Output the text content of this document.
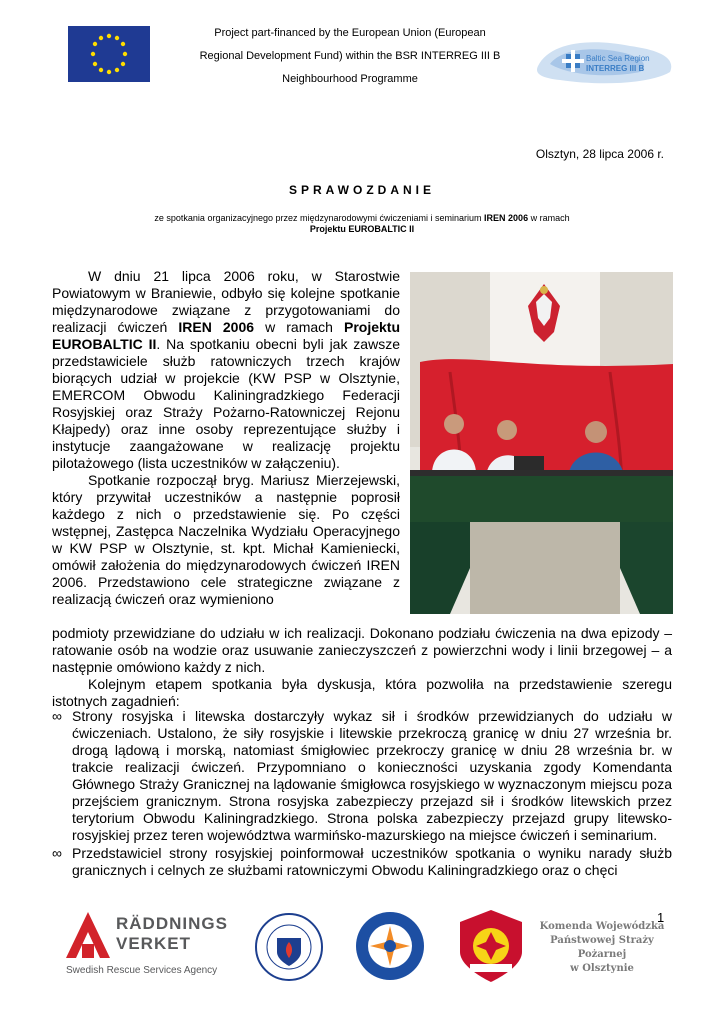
Project part-financed by the European Union (European
Regional Development Fund) within the BSR INTERREG III B
Neighbourhood Programme
Baltic Sea Region
INTERREG III B
Olsztyn, 28 lipca 2006 r.
SPRAWOZDANIE
ze spotkania organizacyjnego przez międzynarodowymi ćwiczeniami i seminarium IREN 2006 w ramach
Projektu EUROBALTIC II

W dniu 21 lipca 2006 roku, w Starostwie Powiatowym w Braniewie, odbyło się kolejne spotkanie międzynarodowe związane z przygotowaniami do realizacji ćwiczeń IREN 2006 w ramach Projektu EUROBALTIC II. Na spotkaniu obecni byli jak zawsze przedstawiciele służb ratowniczych trzech krajów biorących udział w projekcie (KW PSP w Olsztynie, EMERCOM Obwodu Kaliningradzkiego Federacji Rosyjskiej oraz Straży Pożarno-Ratowniczej Rejonu Kłajpedy) oraz inne osoby reprezentujące służby i instytucje zaangażowane w realizację projektu pilotażowego (lista uczestników w załączeniu).

Spotkanie rozpoczął bryg. Mariusz Mierzejewski, który przywitał uczestników a następnie poprosił każdego z nich o przedstawienie się. Po części wstępnej, Zastępca Naczelnika Wydziału Operacyjnego w KW PSP w Olsztynie, st. kpt. Michał Kamieniecki, omówił założenia do międzynarodowych ćwiczeń IREN 2006. Przedstawiono cele strategiczne związane z realizacją ćwiczeń oraz wymieniono

podmioty przewidziane do udziału w ich realizacji. Dokonano podziału ćwiczenia na dwa epizody – ratowanie osób na wodzie oraz usuwanie zanieczyszczeń z powierzchni wody i linii brzegowej – a następnie omówiono każdy z nich.

Kolejnym etapem spotkania była dyskusja, która pozwoliła na przedstawienie szeregu istotnych zagadnień:

∞ Strony rosyjska i litewska dostarczyły wykaz sił i środków przewidzianych do udziału w ćwiczeniach. Ustalono, że siły rosyjskie i litewskie przekroczą granicę w dniu 27 września br. drogą lądową i morską, natomiast śmigłowiec przekroczy granicę w dniu 28 września br. w trakcie realizacji ćwiczeń. Przypomniano o konieczności uzyskania zgody Komendanta Głównego Straży Granicznej na lądowanie śmigłowca rosyjskiego w wyznaczonym miejscu poza przejściem granicznym. Strona rosyjska zabezpieczy przejazd sił i środków litewskich przez terytorium Obwodu Kaliningradzkiego. Strona polska zabezpieczy przejazd grupy litewsko-rosyjskiej przez teren województwa warmińsko-mazurskiego na miejsce ćwiczeń i seminarium.
∞ Przedstawiciel strony rosyjskiej poinformował uczestników spotkania o wyniku narady służb granicznych i celnych ze służbami ratowniczymi Obwodu Kaliningradzkiego oraz o chęci
1
RÄDDNINGS
VERKET
Swedish Rescue Services Agency
Komenda Wojewódzka
Państwowej Straży Pożarnej
w Olsztynie
